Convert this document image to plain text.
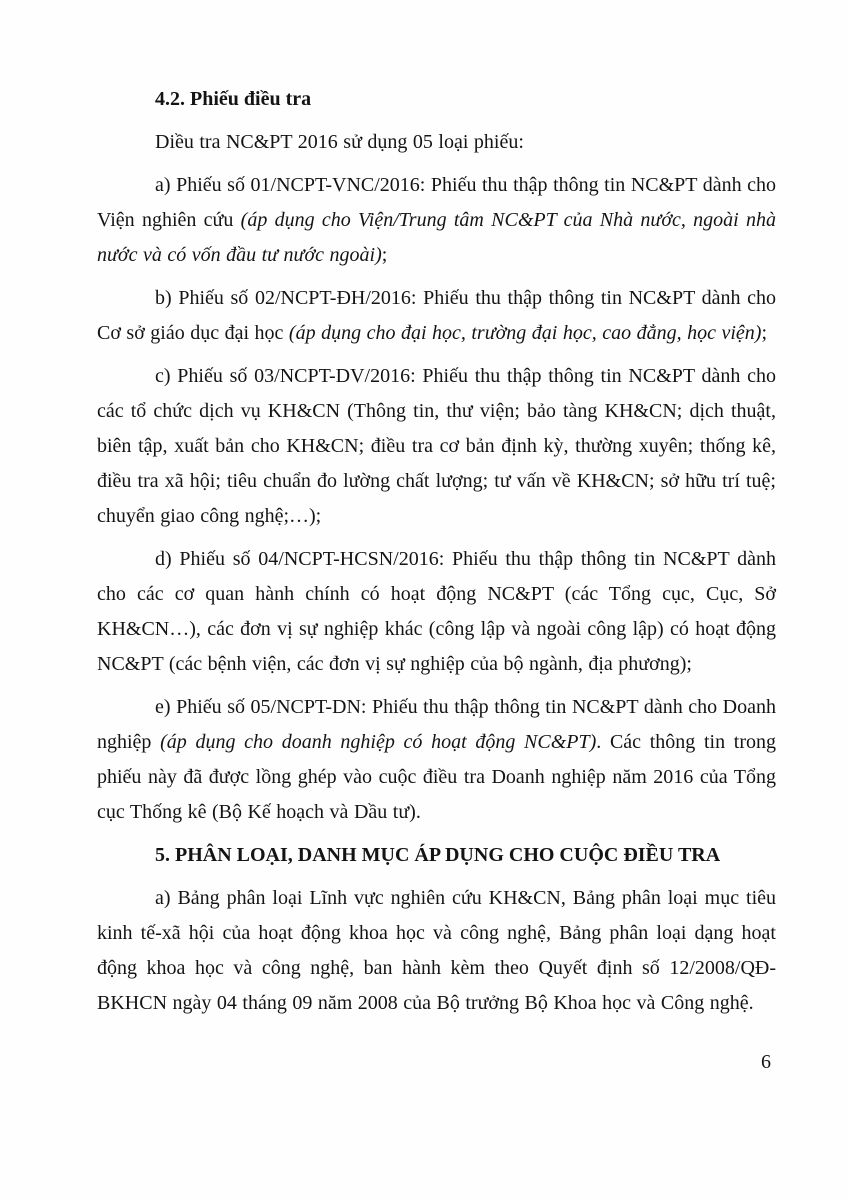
4.2. Phiếu điều tra

Diều tra NC&PT 2016 sử dụng 05 loại phiếu:

a) Phiếu số 01/NCPT-VNC/2016: Phiếu thu thập thông tin NC&PT dành cho Viện nghiên cứu (áp dụng cho Viện/Trung tâm NC&PT của Nhà nước, ngoài nhà nước và có vốn đầu tư nước ngoài);

b) Phiếu số 02/NCPT-ĐH/2016: Phiếu thu thập thông tin NC&PT dành cho Cơ sở giáo dục đại học (áp dụng cho đại học, trường đại học, cao đẳng, học viện);

c) Phiếu số 03/NCPT-DV/2016: Phiếu thu thập thông tin NC&PT dành cho các tổ chức dịch vụ KH&CN (Thông tin, thư viện; bảo tàng KH&CN; dịch thuật, biên tập, xuất bản cho KH&CN; điều tra cơ bản định kỳ, thường xuyên; thống kê, điều tra xã hội; tiêu chuẩn đo lường chất lượng; tư vấn về KH&CN; sở hữu trí tuệ; chuyển giao công nghệ;…);

d) Phiếu số 04/NCPT-HCSN/2016: Phiếu thu thập thông tin NC&PT dành cho các cơ quan hành chính có hoạt động NC&PT (các Tổng cục, Cục, Sở KH&CN…), các đơn vị sự nghiệp khác (công lập và ngoài công lập) có hoạt động NC&PT (các bệnh viện, các đơn vị sự nghiệp của bộ ngành, địa phương);

e) Phiếu số 05/NCPT-DN: Phiếu thu thập thông tin NC&PT dành cho Doanh nghiệp (áp dụng cho doanh nghiệp có hoạt động NC&PT). Các thông tin trong phiếu này đã được lồng ghép vào cuộc điều tra Doanh nghiệp năm 2016 của Tổng cục Thống kê (Bộ Kế hoạch và Dầu tư).

5. PHÂN LOẠI, DANH MỤC ÁP DỤNG CHO CUỘC ĐIỀU TRA

a) Bảng phân loại Lĩnh vực nghiên cứu KH&CN, Bảng phân loại mục tiêu kinh tế-xã hội của hoạt động khoa học và công nghệ, Bảng phân loại dạng hoạt động khoa học và công nghệ, ban hành kèm theo Quyết định số 12/2008/QĐ-BKHCN ngày 04 tháng 09 năm 2008 của Bộ trưởng Bộ Khoa học và Công nghệ.

6
